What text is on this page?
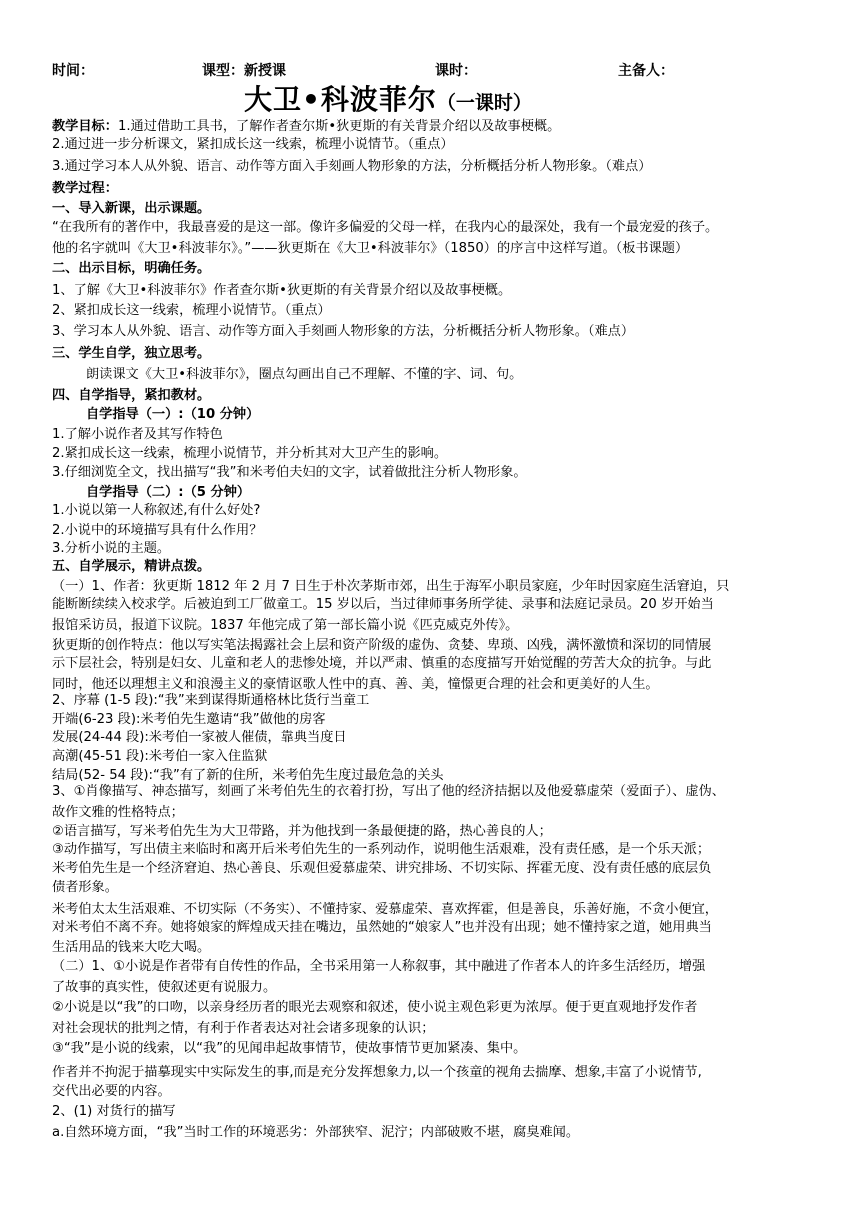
时间：	课型：新授课	课时：	主备人：
大卫•科波菲尔（一课时）
教学目标：1.通过借助工具书，了解作者查尔斯•狄更斯的有关背景介绍以及故事梗概。
2.通过进一步分析课文，紧扣成长这一线索，梳理小说情节。（重点）
3.通过学习本人从外貌、语言、动作等方面入手刻画人物形象的方法，分析概括分析人物形象。（难点）
教学过程：
一、导入新课，出示课题。
“在我所有的著作中，我最喜爱的是这一部。像许多偏爱的父母一样，在我内心的最深处，我有一个最宠爱的孩子。
他的名字就叫《大卫•科波菲尔》。”——狄更斯在《大卫•科波菲尔》（1850）的序言中这样写道。（板书课题）
二、出示目标，明确任务。
1、了解《大卫•科波菲尔》作者查尔斯•狄更斯的有关背景介绍以及故事梗概。
2、紧扣成长这一线索，梳理小说情节。（重点）
3、学习本人从外貌、语言、动作等方面入手刻画人物形象的方法，分析概括分析人物形象。（难点）
三、学生自学，独立思考。
朗读课文《大卫•科波菲尔》，圈点勾画出自己不理解、不懂的字、词、句。
四、自学指导，紧扣教材。
自学指导（一）:（10 分钟）
1.了解小说作者及其写作特色
2.紧扣成长这一线索，梳理小说情节，并分析其对大卫产生的影响。
3.仔细浏览全文，找出描写“我”和米考伯夫妇的文字，试着做批注分析人物形象。
自学指导（二）:（5 分钟）
1.小说以第一人称叙述,有什么好处?
2.小说中的环境描写具有什么作用？
3.分析小说的主题。
五、自学展示，精讲点拨。
（一）1、作者：狄更斯 1812 年 2 月 7 日生于朴次茅斯市郊，出生于海军小职员家庭，少年时因家庭生活窘迫，只
能断断续续入校求学。后被迫到工厂做童工。15 岁以后，当过律师事务所学徒、录事和法庭记录员。20 岁开始当
报馆采访员，报道下议院。1837 年他完成了第一部长篇小说《匹克威克外传》。
狄更斯的创作特点：他以写实笔法揭露社会上层和资产阶级的虚伪、贪婪、卑琐、凶残，满怀激愤和深切的同情展
示下层社会，特别是妇女、儿童和老人的悲惨处境，并以严肃、慎重的态度描写开始觉醒的劳苦大众的抗争。与此
同时，他还以理想主义和浪漫主义的豪情讴歌人性中的真、善、美，憧憬更合理的社会和更美好的人生。
2、序幕 (1-5 段):“我”来到谋得斯通格林比货行当童工
开端(6-23 段):米考伯先生邀请“我”做他的房客
发展(24-44 段):米考伯一家被人催债，靠典当度日
高潮(45-51 段):米考伯一家入住监狱
结局(52- 54 段):“我”有了新的住所，米考伯先生度过最危急的关头
3、①肖像描写、神态描写，刻画了米考伯先生的衣着打扮，写出了他的经济拮据以及他爱慕虚荣（爱面子）、虚伪、
故作文雅的性格特点；
②语言描写，写米考伯先生为大卫带路，并为他找到一条最便捷的路，热心善良的人；
③动作描写，写出债主来临时和离开后米考伯先生的一系列动作，说明他生活艰难，没有责任感，是一个乐天派；
米考伯先生是一个经济窘迫、热心善良、乐观但爱慕虚荣、讲究排场、不切实际、挥霍无度、没有责任感的底层负
债者形象。
米考伯太太生活艰难、不切实际（不务实）、不懂持家、爱慕虚荣、喜欢挥霍，但是善良，乐善好施，不贪小便宜，
对米考伯不离不弃。她将娘家的辉煌成天挂在嘴边，虽然她的“娘家人”也并没有出现；她不懂持家之道，她用典当
生活用品的钱来大吃大喝。
（二）1、①小说是作者带有自传性的作品，全书采用第一人称叙事，其中融进了作者本人的许多生活经历，增强
了故事的真实性，使叙述更有说服力。
②小说是以“我”的口吻，以亲身经历者的眼光去观察和叙述，使小说主观色彩更为浓厚。便于更直观地抒发作者
对社会现状的批判之情，有利于作者表达对社会诸多现象的认识；
③“我”是小说的线索，以“我”的见闻串起故事情节，使故事情节更加紧凑、集中。
作者并不拘泥于描摹现实中实际发生的事,而是充分发挥想象力,以一个孩童的视角去揣摩、想象,丰富了小说情节,
交代出必要的内容。
2、(1) 对货行的描写
a.自然环境方面，“我”当时工作的环境恶劣：外部狭窄、泥泞；内部破败不堪，腐臭难闻。
